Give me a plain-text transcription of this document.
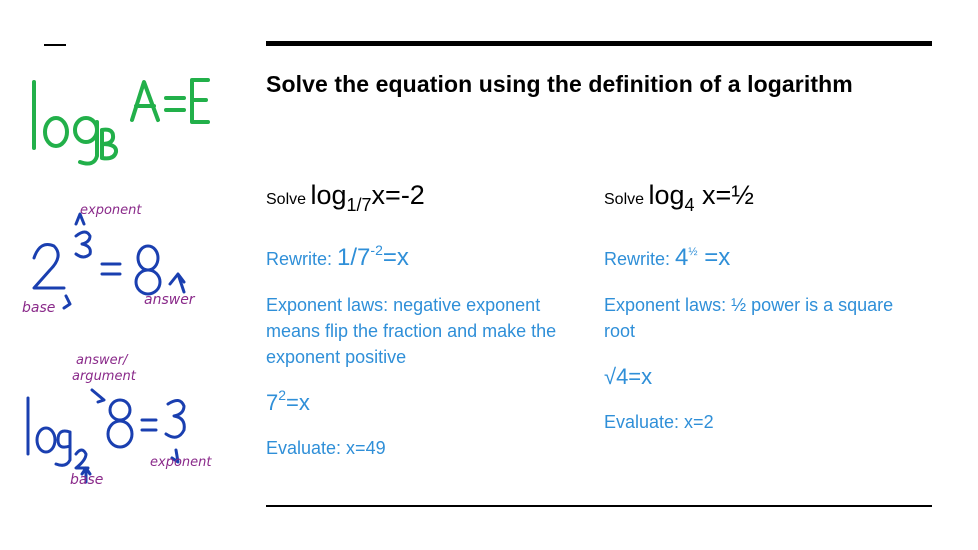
Solve the equation using the definition of a logarithm
Solve $\log_{1/7}x=-2$
Rewrite: $1/7^{-2}=x$
Exponent laws: negative exponent means flip the fraction and make the exponent positive
$7^2=x$
Evaluate: x=49
Solve $\log_4$ x=½
Rewrite: $4^{\frac{1}{2}} =x$
Exponent laws: ½ power is a square root
√4=x
Evaluate: x=2
exponent
base	answer
answer/
argument
base
exponent
